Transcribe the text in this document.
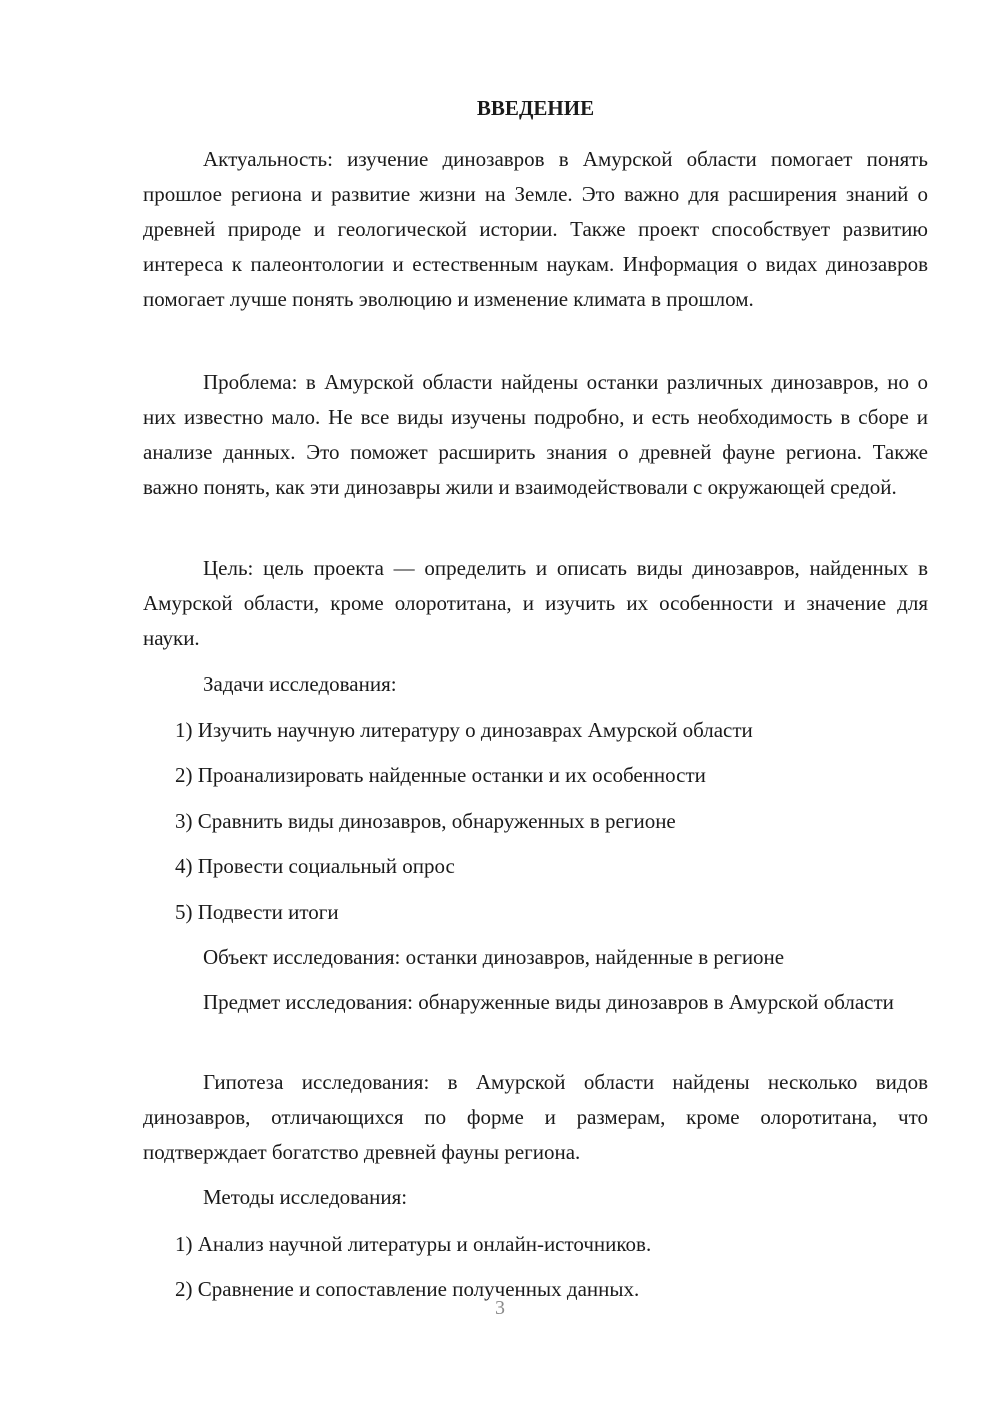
ВВЕДЕНИЕ

Актуальность: изучение динозавров в Амурской области помогает понять прошлое региона и развитие жизни на Земле. Это важно для расширения знаний о древней природе и геологической истории. Также проект способствует развитию интереса к палеонтологии и естественным наукам. Информация о видах динозавров помогает лучше понять эволюцию и изменение климата в прошлом.

Проблема: в Амурской области найдены останки различных динозавров, но о них известно мало. Не все виды изучены подробно, и есть необходимость в сборе и анализе данных. Это поможет расширить знания о древней фауне региона. Также важно понять, как эти динозавры жили и взаимодействовали с окружающей средой.

Цель: цель проекта — определить и описать виды динозавров, найденных в Амурской области, кроме олоротитана, и изучить их особенности и значение для науки.

Задачи исследования:
1) Изучить научную литературу о динозаврах Амурской области
2) Проанализировать найденные останки и их особенности
3) Сравнить виды динозавров, обнаруженных в регионе
4) Провести социальный опрос
5) Подвести итоги
Объект исследования: останки динозавров, найденные в регионе

Предмет исследования: обнаруженные виды динозавров в Амурской области

Гипотеза исследования: в Амурской области найдены несколько видов динозавров, отличающихся по форме и размерам, кроме олоротитана, что подтверждает богатство древней фауны региона.

Методы исследования:
1) Анализ научной литературы и онлайн-источников.
2) Сравнение и сопоставление полученных данных.
3
